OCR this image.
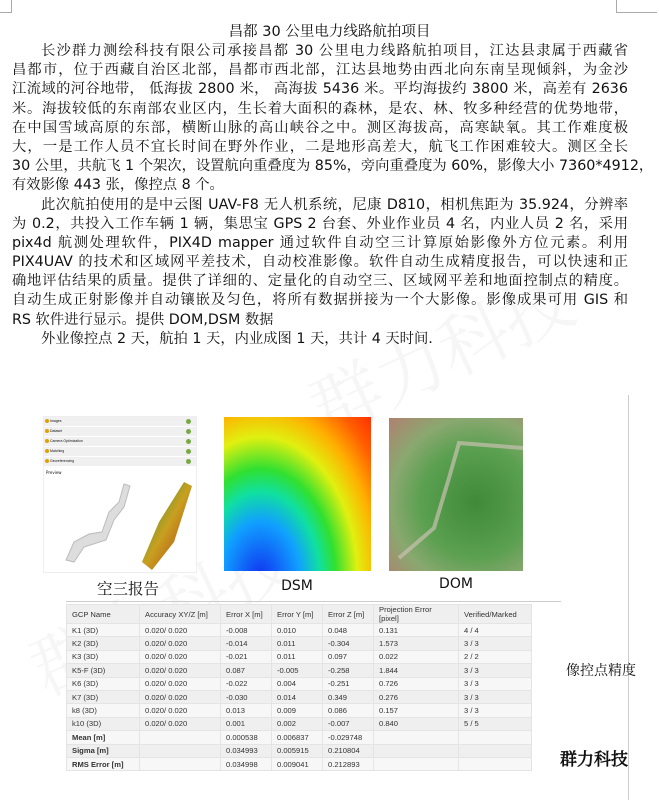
昌都 30 公里电力线路航拍项目
长沙群力测绘科技有限公司承接昌都 30 公里电力线路航拍项目，江达县隶属于西藏省
昌都市，位于西藏自治区北部，昌都市西北部，江达县地势由西北向东南呈现倾斜，为金沙
江流域的河谷地带， 低海拔 2800 米， 高海拔 5436 米。平均海拔约 3800 米，高差有 2636
米。海拔较低的东南部农业区内，生长着大面积的森林，是农、林、牧多种经营的优势地带，
在中国雪域高原的东部，横断山脉的高山峡谷之中。测区海拔高，高寒缺氧。其工作难度极
大，一是工作人员不宜长时间在野外作业，二是地形高差大，航飞工作困难较大。测区全长
30 公里，共航飞 1 个架次，设置航向重叠度为 85%，旁向重叠度为 60%，影像大小 7360*4912，
有效影像 443 张，像控点 8 个。
此次航拍使用的是中云图 UAV-F8 无人机系统，尼康 D810，相机焦距为 35.924，分辨率
为 0.2，共投入工作车辆 1 辆，集思宝 GPS 2 台套、外业作业员 4 名，内业人员 2 名，采用
pix4d 航测处理软件，PIX4D mapper 通过软件自动空三计算原始影像外方位元素。利用
PIX4UAV 的技术和区域网平差技术，自动校准影像。软件自动生成精度报告，可以快速和正
确地评估结果的质量。提供了详细的、定量化的自动空三、区域网平差和地面控制点的精度。
自动生成正射影像并自动镶嵌及匀色，将所有数据拼接为一个大影像。影像成果可用 GIS 和
RS 软件进行显示。提供 DOM,DSM 数据
外业像控点 2 天，航拍 1 天，内业成图 1 天，共计 4 天时间.
Images
Dataset
Camera Optimization
Matching
Georeferencing
Preview
空三报告	DSM	DOM
GCP Name	Accuracy XY/Z [m]	Error X [m]	Error Y [m]	Error Z [m]	Projection Error [pixel]	Verified/Marked
K1 (3D)	0.020/ 0.020	-0.008	0.010	0.048	0.131	4 / 4
K2 (3D)	0.020/ 0.020	-0.014	0.011	-0.304	1.573	3 / 3
K3 (3D)	0.020/ 0.020	-0.021	0.011	0.097	0.022	2 / 2
K5-F (3D)	0.020/ 0.020	0.087	-0.005	-0.258	1.844	3 / 3
K6 (3D)	0.020/ 0.020	-0.022	0.004	-0.251	0.726	3 / 3
K7 (3D)	0.020/ 0.020	-0.030	0.014	0.349	0.276	3 / 3
k8 (3D)	0.020/ 0.020	0.013	0.009	0.086	0.157	3 / 3
k10 (3D)	0.020/ 0.020	0.001	0.002	-0.007	0.840	5 / 5
Mean [m]		0.000538	0.006837	-0.029748		
Sigma [m]		0.034993	0.005915	0.210804		
RMS Error [m]		0.034998	0.009041	0.212893		
像控点精度
群力科技
